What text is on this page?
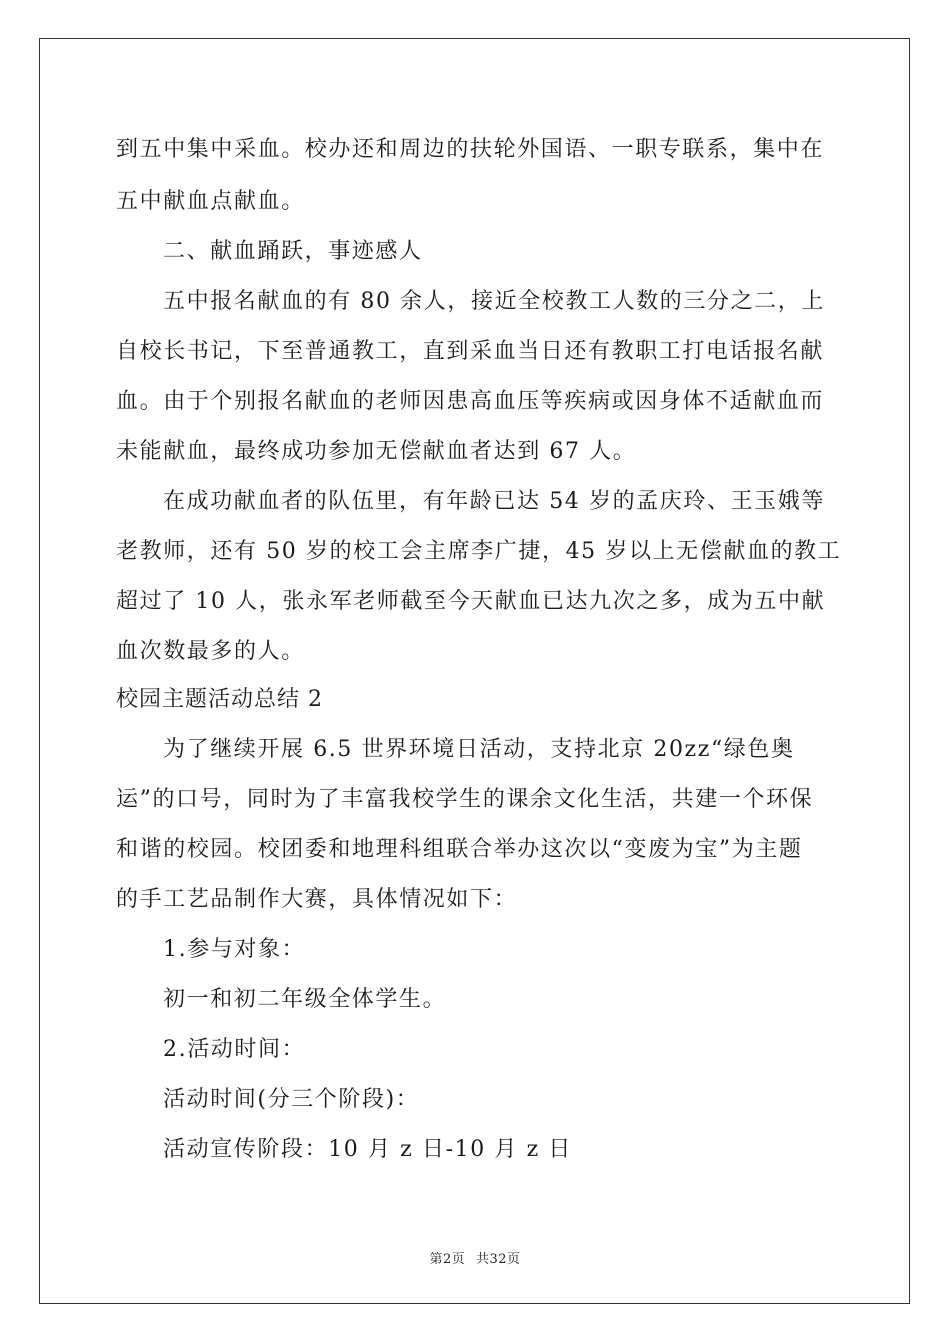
到五中集中采血。校办还和周边的扶轮外国语、一职专联系，集中在
五中献血点献血。
二、献血踊跃，事迹感人
五中报名献血的有 80 余人，接近全校教工人数的三分之二，上
自校长书记，下至普通教工，直到采血当日还有教职工打电话报名献
血。由于个别报名献血的老师因患高血压等疾病或因身体不适献血而
未能献血，最终成功参加无偿献血者达到 67 人。
在成功献血者的队伍里，有年龄已达 54 岁的孟庆玲、王玉娥等
老教师，还有 50 岁的校工会主席李广捷，45 岁以上无偿献血的教工
超过了 10 人，张永军老师截至今天献血已达九次之多，成为五中献
血次数最多的人。
校园主题活动总结 2
为了继续开展 6.5 世界环境日活动，支持北京 20zz“绿色奥
运”的口号，同时为了丰富我校学生的课余文化生活，共建一个环保
和谐的校园。校团委和地理科组联合举办这次以“变废为宝”为主题
的手工艺品制作大赛，具体情况如下：
1.参与对象：
初一和初二年级全体学生。
2.活动时间：
活动时间(分三个阶段)：
活动宣传阶段：10 月 z 日-10 月 z 日
第2页 共32页
